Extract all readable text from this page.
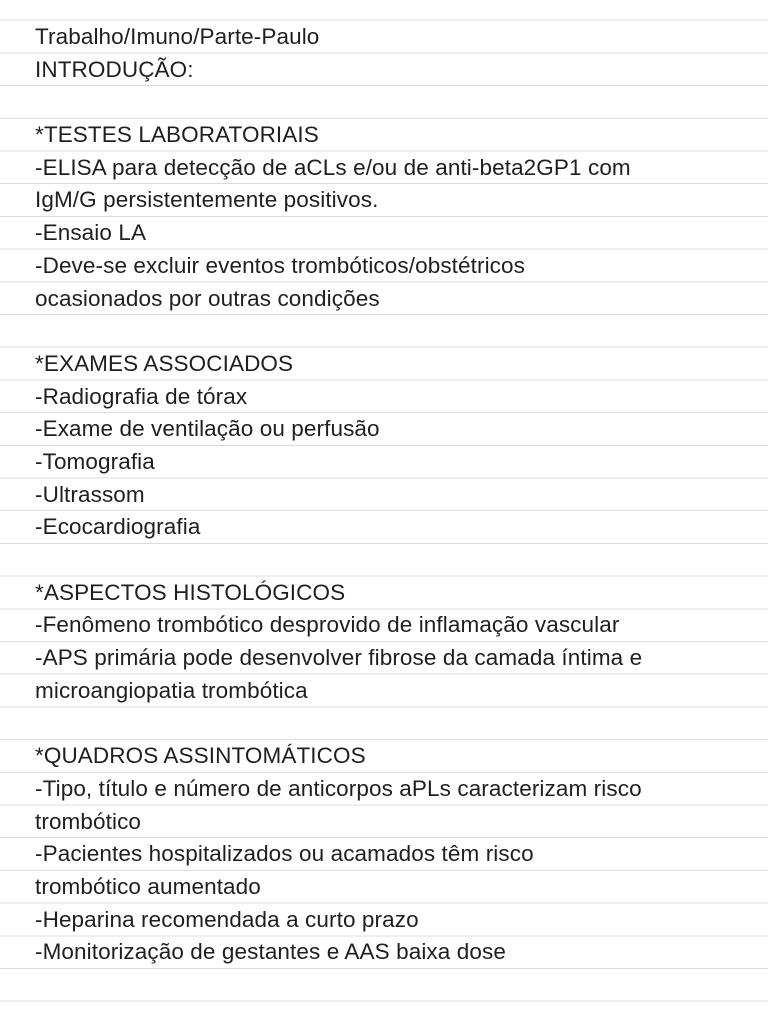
Trabalho/Imuno/Parte-Paulo
INTRODUÇÃO:
*TESTES LABORATORIAIS
-ELISA para detecção de aCLs e/ou de anti-beta2GP1 com
IgM/G persistentemente positivos.
-Ensaio LA
-Deve-se excluir eventos trombóticos/obstétricos
ocasionados por outras condições
*EXAMES ASSOCIADOS
-Radiografia de tórax
-Exame de ventilação ou perfusão
-Tomografia
-Ultrassom
-Ecocardiografia
*ASPECTOS HISTOLÓGICOS
-Fenômeno trombótico desprovido de inflamação vascular
-APS primária pode desenvolver fibrose da camada íntima e
microangiopatia trombótica
*QUADROS ASSINTOMÁTICOS
-Tipo, título e número de anticorpos aPLs caracterizam risco
trombótico
-Pacientes hospitalizados ou acamados têm risco
trombótico aumentado
-Heparina recomendada a curto prazo
-Monitorização de gestantes e AAS baixa dose
